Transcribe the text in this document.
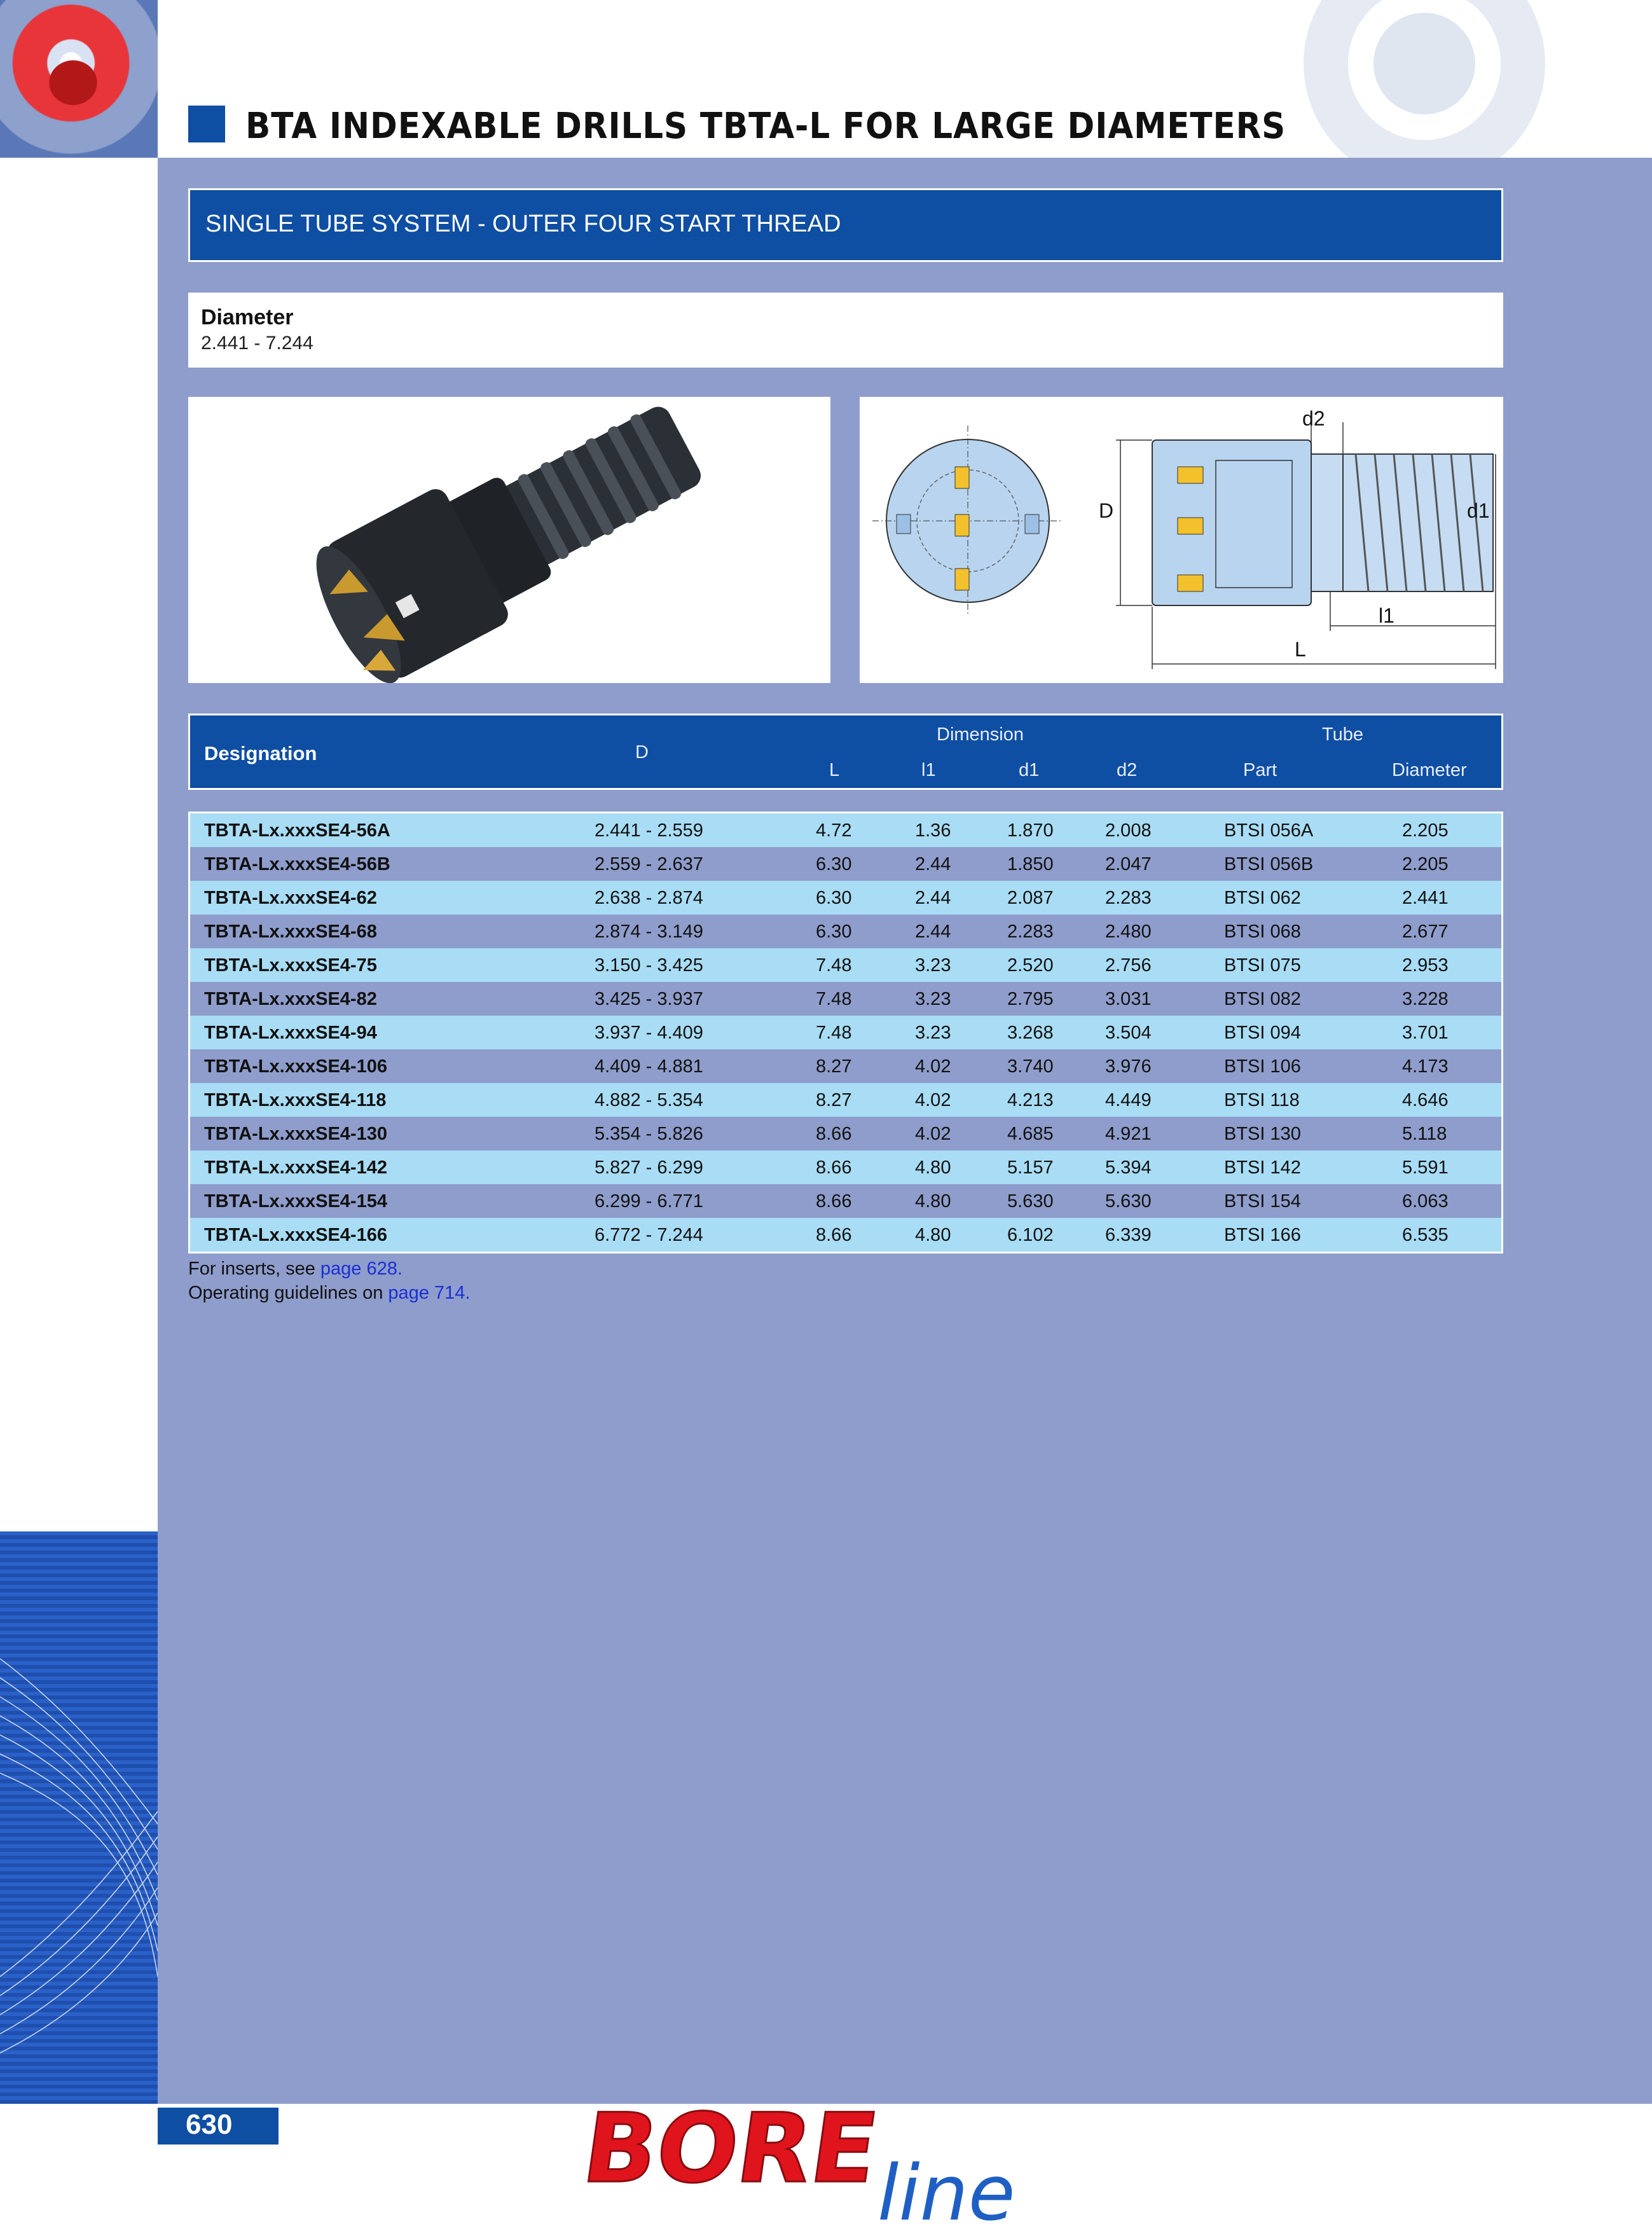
BTA INDEXABLE DRILLS TBTA-L FOR LARGE DIAMETERS
SINGLE TUBE SYSTEM - OUTER FOUR START THREAD
Diameter
2.441 - 7.244
d2
D	d1
l1
L
Designation	D
Dimension	Tube
L	l1	d1	d2	Part	Diameter
TBTA-Lx.xxxSE4-56A	2.441 - 2.559	4.72	1.36	1.870	2.008	BTSI 056A	2.205
TBTA-Lx.xxxSE4-56B	2.559 - 2.637	6.30	2.44	1.850	2.047	BTSI 056B	2.205
TBTA-Lx.xxxSE4-62	2.638 - 2.874	6.30	2.44	2.087	2.283	BTSI 062	2.441
TBTA-Lx.xxxSE4-68	2.874 - 3.149	6.30	2.44	2.283	2.480	BTSI 068	2.677
TBTA-Lx.xxxSE4-75	3.150 - 3.425	7.48	3.23	2.520	2.756	BTSI 075	2.953
TBTA-Lx.xxxSE4-82	3.425 - 3.937	7.48	3.23	2.795	3.031	BTSI 082	3.228
TBTA-Lx.xxxSE4-94	3.937 - 4.409	7.48	3.23	3.268	3.504	BTSI 094	3.701
TBTA-Lx.xxxSE4-106	4.409 - 4.881	8.27	4.02	3.740	3.976	BTSI 106	4.173
TBTA-Lx.xxxSE4-118	4.882 - 5.354	8.27	4.02	4.213	4.449	BTSI 118	4.646
TBTA-Lx.xxxSE4-130	5.354 - 5.826	8.66	4.02	4.685	4.921	BTSI 130	5.118
TBTA-Lx.xxxSE4-142	5.827 - 6.299	8.66	4.80	5.157	5.394	BTSI 142	5.591
TBTA-Lx.xxxSE4-154	6.299 - 6.771	8.66	4.80	5.630	5.630	BTSI 154	6.063
TBTA-Lx.xxxSE4-166	6.772 - 7.244	8.66	4.80	6.102	6.339	BTSI 166	6.535
For inserts, see page 628.
Operating guidelines on page 714.
630	BORE
line
